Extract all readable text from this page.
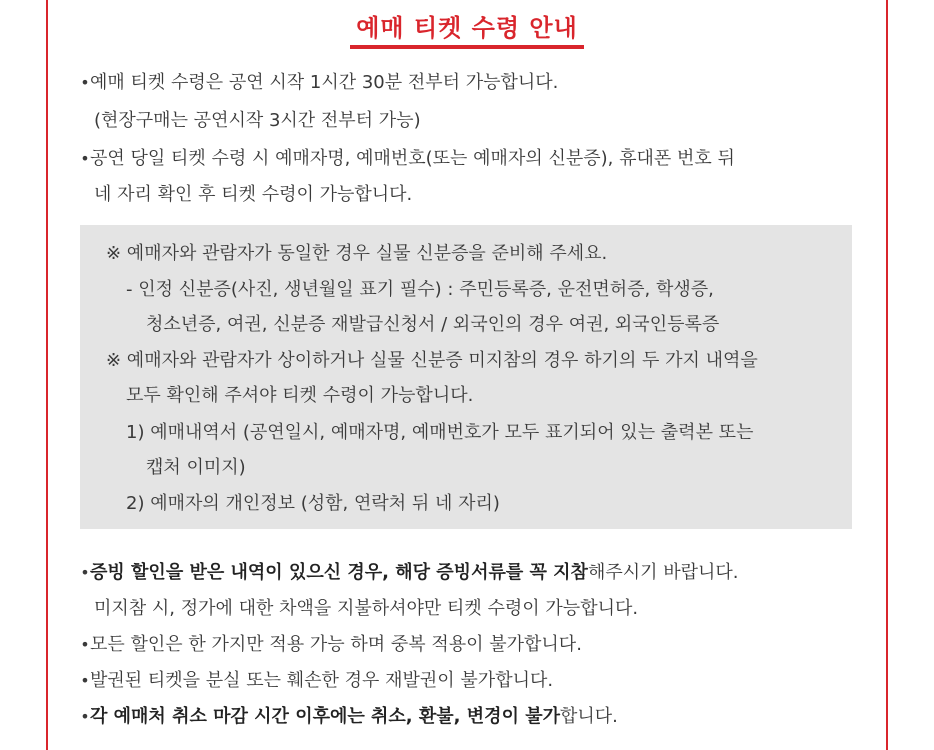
예매 티켓 수령 안내
•예매 티켓 수령은 공연 시작 1시간 30분 전부터 가능합니다.
(현장구매는 공연시작 3시간 전부터 가능)
•공연 당일 티켓 수령 시 예매자명, 예매번호(또는 예매자의 신분증), 휴대폰 번호 뒤
네 자리 확인 후 티켓 수령이 가능합니다.
※ 예매자와 관람자가 동일한 경우 실물 신분증을 준비해 주세요.
- 인정 신분증(사진, 생년월일 표기 필수) : 주민등록증, 운전면허증, 학생증,
청소년증, 여권, 신분증 재발급신청서 / 외국인의 경우 여권, 외국인등록증
※ 예매자와 관람자가 상이하거나 실물 신분증 미지참의 경우 하기의 두 가지 내역을
모두 확인해 주셔야 티켓 수령이 가능합니다.
1) 예매내역서 (공연일시, 예매자명, 예매번호가 모두 표기되어 있는 출력본 또는
캡처 이미지)
2) 예매자의 개인정보 (성함, 연락처 뒤 네 자리)
•증빙 할인을 받은 내역이 있으신 경우, 해당 증빙서류를 꼭 지참해주시기 바랍니다.
미지참 시, 정가에 대한 차액을 지불하셔야만 티켓 수령이 가능합니다.
•모든 할인은 한 가지만 적용 가능 하며 중복 적용이 불가합니다.
•발권된 티켓을 분실 또는 훼손한 경우 재발권이 불가합니다.
•각 예매처 취소 마감 시간 이후에는 취소, 환불, 변경이 불가합니다.
